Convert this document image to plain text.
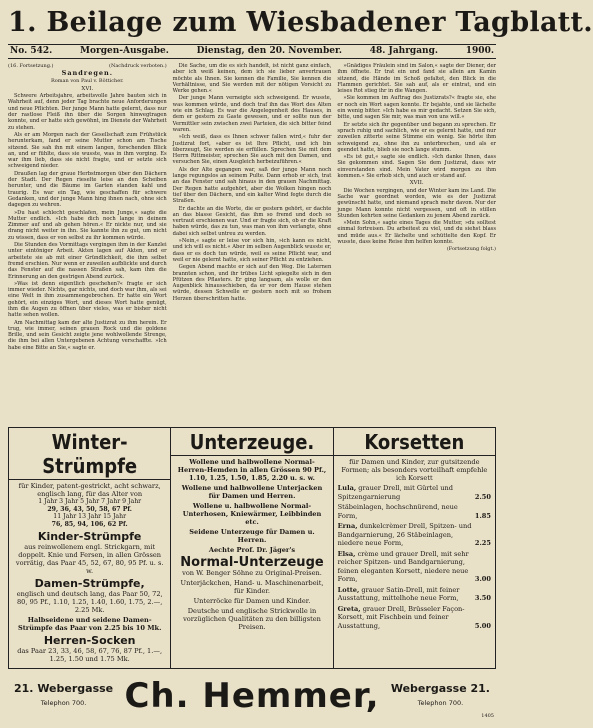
1. Beilage zum Wiesbadener Tagblatt.
No. 542.	Morgen-Ausgabe.	Dienstag, den 20. November.	48. Jahrgang.	1900.
(16. Fortsetzung.)	(Nachdruck verboten.)
Sandregen.
Roman von Paul v. Bötticher.
XVI.

Schwere Arbeitsjahre, arbeitsvolle Jahre bauten sich in Wahrheit auf, denn jeder Tag brachte neue Anforderungen und neue Pflichten. Der junge Mann hatte gelernt, dass nur der rastlose Fleiß ihn über die Sorgen hinwegtragen konnte, und er hatte sich gewöhnt, im Dienste der Wahrheit zu stehen.

Als er am Morgen nach der Gesellschaft zum Frühstück herunterkam, fand er seine Mutter schon am Tische sitzend. Sie sah ihn mit einem langen, forschenden Blick an, und er fühlte, dass sie wusste, was in ihm vorging. Es war ihm lieb, dass sie nicht fragte, und er setzte sich schweigend nieder.

Draußen lag der graue Herbstmorgen über den Dächern der Stadt. Der Regen rieselte leise an den Scheiben herunter, und die Bäume im Garten standen kahl und traurig. Es war ein Tag, wie geschaffen für schwere Gedanken, und der junge Mann hing ihnen nach, ohne sich dagegen zu wehren.

»Du hast schlecht geschlafen, mein Junge,« sagte die Mutter endlich. »Ich habe dich noch lange in deinem Zimmer auf und ab gehen hören.« Er nickte nur, und sie drang nicht weiter in ihn. Sie kannte ihn zu gut, um nicht zu wissen, dass er von selbst zu ihr kommen würde.

Die Stunden des Vormittags vergingen ihm in der Kanzlei unter eintöniger Arbeit. Akten lagen auf Akten, und er arbeitete sie ab mit einer Gründlichkeit, die ihm selbst fremd erschien. Nur wenn er zuweilen aufblickte und durch das Fenster auf die nassen Straßen sah, kam ihm die Erinnerung an den gestrigen Abend zurück.

»Was ist denn eigentlich geschehen?« fragte er sich immer wieder. Nichts, gar nichts, und doch war ihm, als sei eine Welt in ihm zusammengebrochen. Er hatte ein Wort gehört, ein einziges Wort, und dieses Wort hatte genügt, ihm die Augen zu öffnen über vieles, was er bisher nicht hatte sehen wollen.

Am Nachmittag kam der alte Justizrat zu ihm herein. Er trug, wie immer, seinen grauen Rock und die goldene Brille, und sein Gesicht zeigte jene wohlwollende Strenge, die ihm bei allen Untergebenen Achtung verschaffte. »Ich habe eine Bitte an Sie,« sagte er.

Die Sache, um die es sich handelt, ist nicht ganz einfach, aber ich weiß keinen, dem ich sie lieber anvertrauen möchte als Ihnen. Sie kennen die Familie, Sie kennen die Verhältnisse, und Sie werden mit der nötigen Vorsicht zu Werke gehen.«

Der junge Mann verneigte sich schweigend. Er wusste, was kommen würde, und doch traf ihn das Wort des Alten wie ein Schlag. Es war die Angelegenheit des Hauses, in dem er gestern zu Gaste gewesen, und er sollte nun der Vermittler sein zwischen zwei Parteien, die sich bitter feind waren.

»Ich weiß, dass es Ihnen schwer fallen wird,« fuhr der Justizrat fort, »aber es ist Ihre Pflicht, und ich bin überzeugt, Sie werden sie erfüllen. Sprechen Sie mit dem Herrn Rittmeister, sprechen Sie auch mit den Damen, und versuchen Sie, einen Ausgleich herbeizuführen.«

Als der Alte gegangen war, saß der junge Mann noch lange regungslos an seinem Pulte. Dann erhob er sich, trat an das Fenster und sah hinaus in den grauen Nachmittag. Der Regen hatte aufgehört, aber die Wolken hingen noch tief über den Dächern, und ein kalter Wind fegte durch die Straßen.

Er dachte an die Worte, die er gestern gehört, er dachte an das blasse Gesicht, das ihm so fremd und doch so vertraut erschienen war. Und er fragte sich, ob er die Kraft haben würde, das zu tun, was man von ihm verlangte, ohne dabei sich selbst untreu zu werden.

»Nein,« sagte er leise vor sich hin, »ich kann es nicht, und ich will es nicht.« Aber im selben Augenblick wusste er, dass er es doch tun würde, weil es seine Pflicht war, und weil er nie gelernt hatte, sich seiner Pflicht zu entziehen.

Gegen Abend machte er sich auf den Weg. Die Laternen brannten schon, und ihr trübes Licht spiegelte sich in den Pfützen des Pflasters. Er ging langsam, als wolle er den Augenblick hinausschieben, da er vor dem Hause stehen würde, dessen Schwelle er gestern noch mit so frohem Herzen überschritten hatte.

»Gnädiges Fräulein sind im Salon,« sagte der Diener, der ihm öffnete. Er trat ein und fand sie allein am Kamin sitzend, die Hände im Schoß gefaltet, den Blick in die Flammen gerichtet. Sie sah auf, als er eintrat, und ein leises Rot stieg ihr in die Wangen.

»Sie kommen im Auftrag des Justizrats?« fragte sie, ehe er noch ein Wort sagen konnte. Er bejahte, und sie lächelte ein wenig bitter. »Ich habe es mir gedacht. Setzen Sie sich, bitte, und sagen Sie mir, was man von uns will.«

Er setzte sich ihr gegenüber und begann zu sprechen. Er sprach ruhig und sachlich, wie er es gelernt hatte, und nur zuweilen zitterte seine Stimme ein wenig. Sie hörte ihm schweigend zu, ohne ihn zu unterbrechen, und als er geendet hatte, blieb sie noch lange stumm.

»Es ist gut,« sagte sie endlich. »Ich danke Ihnen, dass Sie gekommen sind. Sagen Sie dem Justizrat, dass wir einverstanden sind. Mein Vater wird morgen zu ihm kommen.« Sie erhob sich, und auch er stand auf.

XVII.

Die Wochen vergingen, und der Winter kam ins Land. Die Sache war geordnet worden, wie es der Justizrat gewünscht hatte, und niemand sprach mehr davon. Nur der junge Mann konnte nicht vergessen, und oft in stillen Stunden kehrten seine Gedanken zu jenem Abend zurück.

»Mein Sohn,« sagte eines Tages die Mutter, »du solltest einmal fortreisen. Du arbeitest zu viel, und du siehst blass und müde aus.« Er lächelte und schüttelte den Kopf. Er wusste, dass keine Reise ihm helfen konnte.

(Fortsetzung folgt.)
Winter-Strümpfe
für Kinder, patent-gestrickt, acht schwarz, englisch lang, für das Alter von
1 Jahr 3 Jahr 5 Jahr 7 Jahr 9 Jahr
29, 36, 43, 50, 58, 67 Pf.
11 Jahr 13 Jahr 15 Jahr
76, 85, 94, 106, 62 Pf.
Kinder-Strümpfe
aus reinwollenem engl. Strickgarn, mit doppelt. Knie und Fersen, in allen Grössen vorrätig, das Paar 45, 52, 67, 80, 95 Pf. u. s. w.
Damen-Strümpfe,
englisch und deutsch lang, das Paar 50, 72, 80, 95 Pf., 1.10, 1.25, 1.40, 1.60, 1.75, 2.—, 2.25 Mk.
Halbseidene und seidene Damen-Strümpfe das Paar von 2.25 bis 10 Mk.
Herren-Socken
das Paar 23, 33, 46, 58, 67, 76, 87 Pf., 1.—, 1.25, 1.50 und 1.75 Mk.
Unterzeuge.
Wollene und halbwollene Normal-Herren-Hemden in allen Grössen 90 Pf., 1.10, 1.25, 1.50, 1.85, 2.20 u. s. w.
Wollene und halbwollene Unterjacken für Damen und Herren.
Wollene u. halbwollene Normal-Unterhosen, Kniewärmer, Leibbinden etc.
Seidene Unterzeuge für Damen u. Herren.
Aechte Prof. Dr. Jäger's
Normal-Unterzeuge
von W. Benger Söhne zu Original-Preisen.
Unterjäckchen, Hand- u. Maschinenarbeit, für Kinder.
Unterröcke für Damen und Kinder.
Deutsche und englische Strickwolle in vorzüglichen Qualitäten zu den billigsten Preisen.
Korsetten
für Damen und Kinder, zur gutsitzende Formen; als besonders vorteilhaft empfehle ich Korsett
Lula, grauer Drell, mit Gürtel und Spitzengarnierung	2.50
Stäbeinlagen, hochschnürend, neue Form,	1.85
Erna, dunkelcrèmer Drell, Spitzen- und Bandgarnierung, 26 Stäbeinlagen, niedere neue Form,	2.25
Elsa, crème und grauer Drell, mit sehr reicher Spitzen- und Bandgarnierung, feinen eleganten Korsett, niedere neue Form,	3.00
Lotte, grauer Satin-Drell, mit feiner Ausstattung, mittelhohe neue Form,	3.50
Greta, grauer Drell, Brüsseler Façon-Korsett, mit Fischbein und feiner Ausstattung,	5.00
21. Webergasse
Telephon 700.	Ch. Hemmer, Webergasse 21.
Telephon 700.
1405
